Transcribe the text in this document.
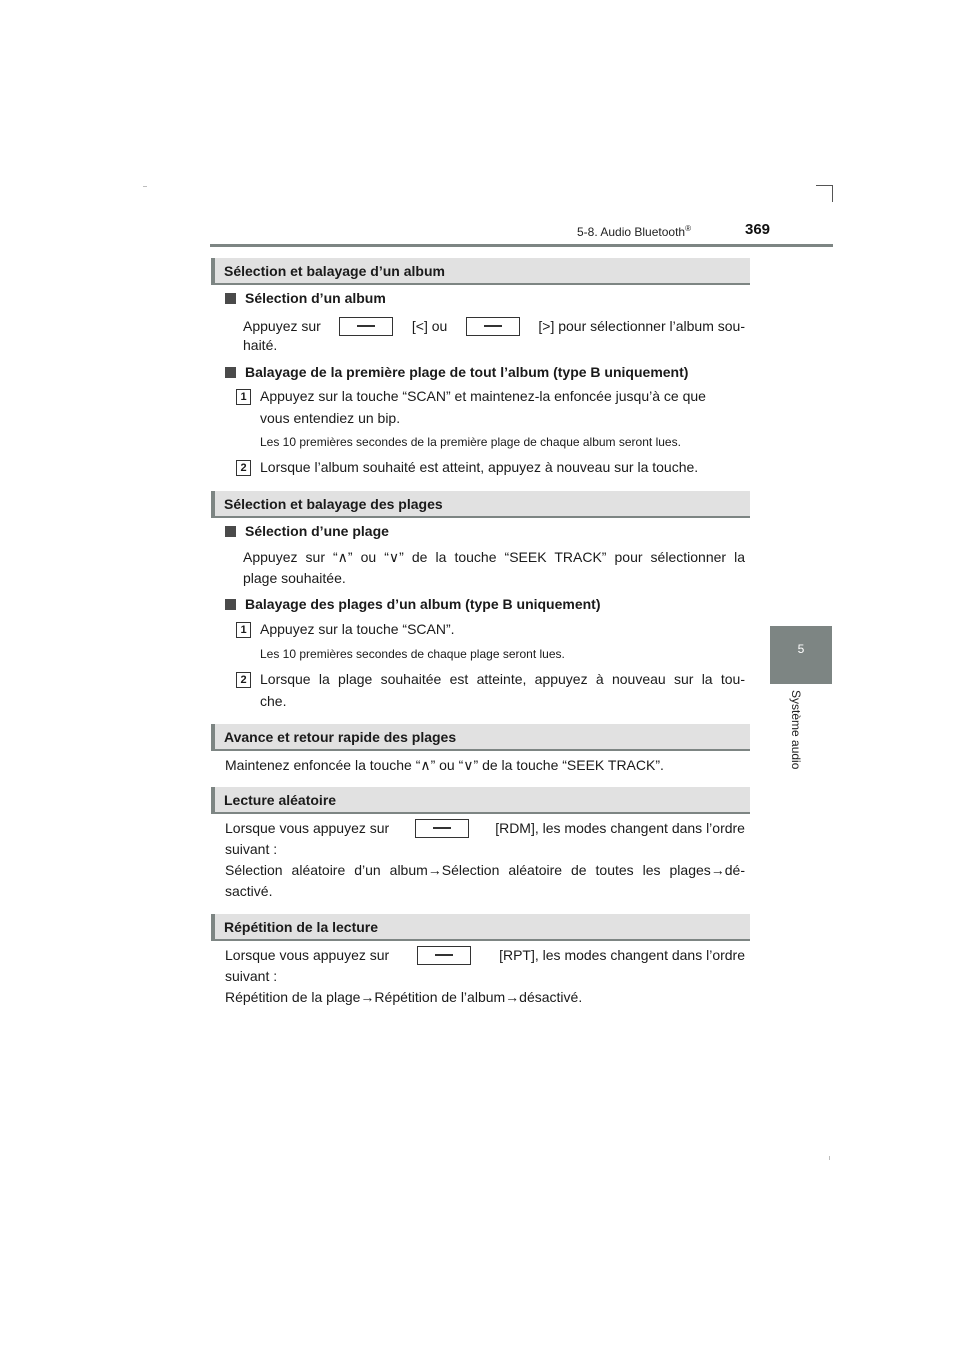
5-8. Audio Bluetooth®	369
5
Système audio
Sélection et balayage d’un album
Sélection d’un album
Appuyez sur	[<] ou	[>] pour sélectionner l’album sou-
haité.
Balayage de la première plage de tout l’album (type B uniquement)
1 Appuyez sur la touche “SCAN” et maintenez-la enfoncée jusqu’à ce que
vous entendiez un bip.
Les 10 premières secondes de la première plage de chaque album seront lues.
2 Lorsque l’album souhaité est atteint, appuyez à nouveau sur la touche.
Sélection et balayage des plages
Sélection d’une plage
Appuyez sur “∧” ou “∨” de la touche “SEEK TRACK” pour sélectionner la
plage souhaitée.
Balayage des plages d’un album (type B uniquement)
1 Appuyez sur la touche “SCAN”.
Les 10 premières secondes de chaque plage seront lues.
2 Lorsque la plage souhaitée est atteinte, appuyez à nouveau sur la tou-
che.
Avance et retour rapide des plages
Maintenez enfoncée la touche “∧” ou “∨” de la touche “SEEK TRACK”.
Lecture aléatoire
Lorsque vous appuyez sur	[RDM], les modes changent dans l’ordre
suivant :
Sélection aléatoire d’un album→Sélection aléatoire de toutes les plages→dé-
sactivé.
Répétition de la lecture
Lorsque vous appuyez sur	[RPT], les modes changent dans l’ordre
suivant :
Répétition de la plage→Répétition de l’album→désactivé.
